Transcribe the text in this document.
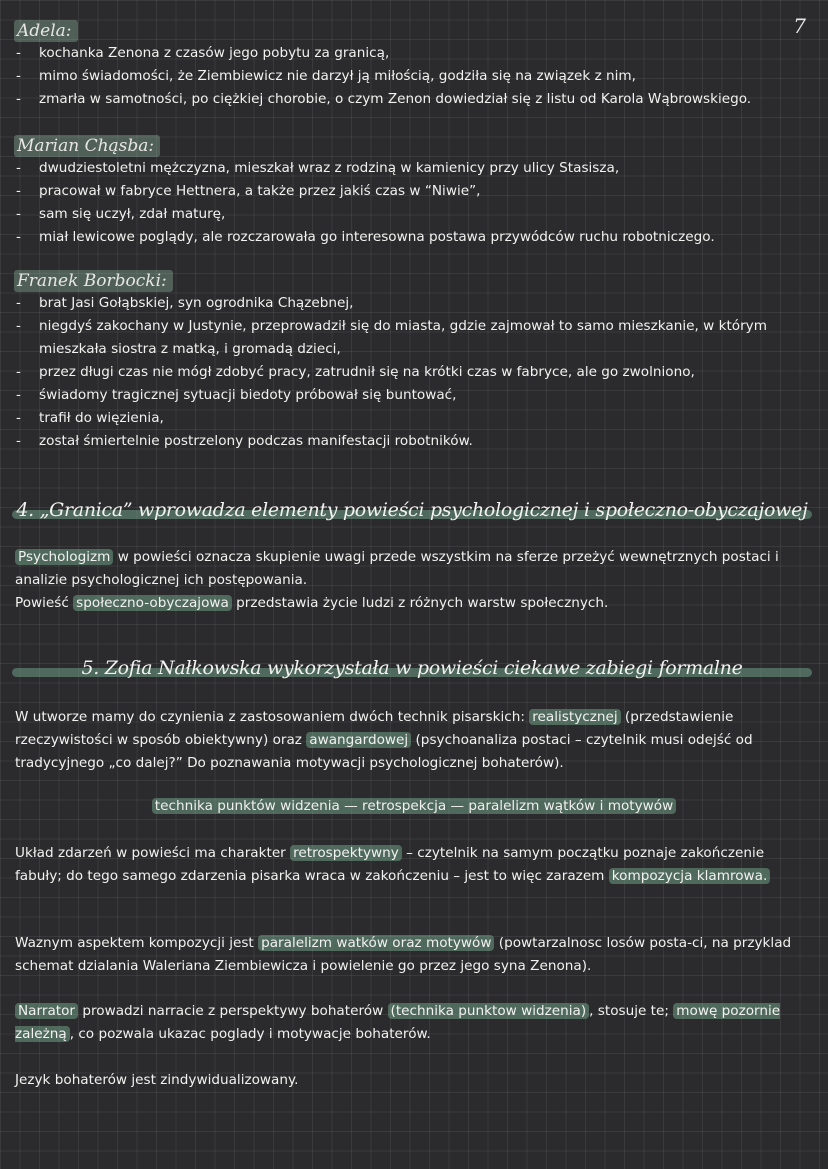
7
Adela:
- kochanka Zenona z czasów jego pobytu za granicą,
- mimo świadomości, że Ziembiewicz nie darzył ją miłością, godziła się na związek z nim,
- zmarła w samotności, po ciężkiej chorobie, o czym Zenon dowiedział się z listu od Karola Wąbrowskiego.
Marian Chąsba:
- dwudziestoletni mężczyzna, mieszkał wraz z rodziną w kamienicy przy ulicy Stasisza,
- pracował w fabryce Hettnera, a także przez jakiś czas w “Niwie”,
- sam się uczył, zdał maturę,
- miał lewicowe poglądy, ale rozczarowała go interesowna postawa przywódców ruchu robotniczego.
Franek Borbocki:
- brat Jasi Gołąbskiej, syn ogrodnika Chązebnej,
- niegdyś zakochany w Justynie, przeprowadził się do miasta, gdzie zajmował to samo mieszkanie, w którym mieszkała siostra z matką, i gromadą dzieci,
- przez długi czas nie mógł zdobyć pracy, zatrudnił się na krótki czas w fabryce, ale go zwolniono,
- świadomy tragicznej sytuacji biedoty próbował się buntować,
- trafił do więzienia,
- został śmiertelnie postrzelony podczas manifestacji robotników.
4. „Granica” wprowadza elementy powieści psychologicznej i społeczno-obyczajowej
Psychologizm w powieści oznacza skupienie uwagi przede wszystkim na sferze przeżyć wewnętrznych postaci i analizie psychologicznej ich postępowania.
Powieść społeczno-obyczajowa przedstawia życie ludzi z różnych warstw społecznych.
5. Zofia Nałkowska wykorzystała w powieści ciekawe zabiegi formalne
W utworze mamy do czynienia z zastosowaniem dwóch technik pisarskich: realistycznej (przedstawienie rzeczywistości w sposób obiektywny) oraz awangardowej (psychoanaliza postaci – czytelnik musi odejść od tradycyjnego „co dalej?” Do poznawania motywacji psychologicznej bohaterów).
technika punktów widzenia — retrospekcja — paralelizm wątków i motywów
Układ zdarzeń w powieści ma charakter retrospektywny – czytelnik na samym początku poznaje zakończenie fabuły; do tego samego zdarzenia pisarka wraca w zakończeniu – jest to więc zarazem kompozycja klamrowa.
Waznym aspektem kompozycji jest paralelizm watków oraz motywów (powtarzalnosc losów posta-ci, na przyklad schemat dzialania Waleriana Ziembiewicza i powielenie go przez jego syna Zenona).
Narrator prowadzi narracie z perspektywy bohaterów (technika punktow widzenia) , stosuje te; mowę pozornie zależną , co pozwala ukazac poglady i motywacje bohaterów.
Jezyk bohaterów jest zindywidualizowany.
